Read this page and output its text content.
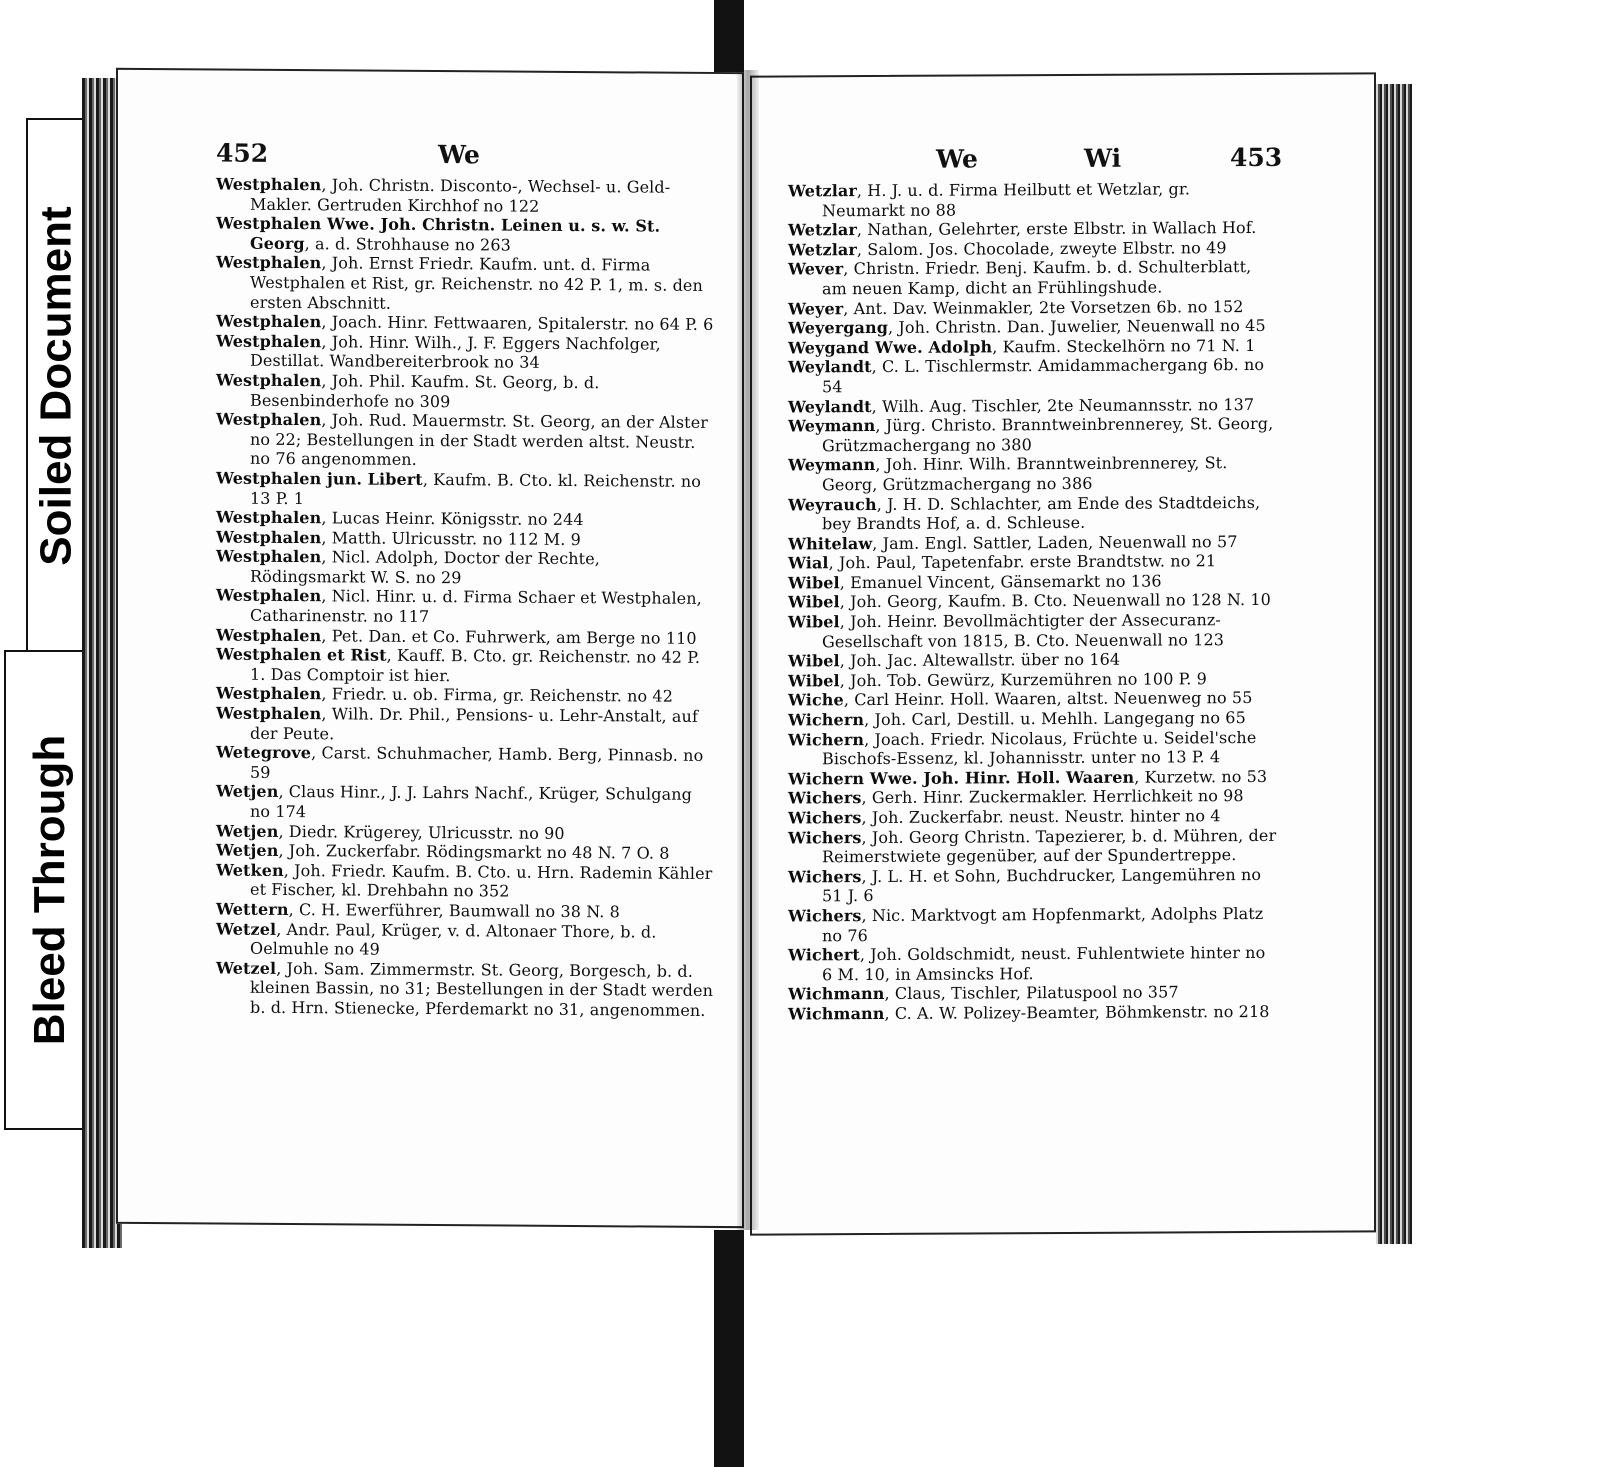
Soiled Document
Bleed Through
452	We
Westphalen, Joh. Christn. Disconto-, Wechsel- u. Geld-Makler. Gertruden Kirchhof no 122
Westphalen Wwe. Joh. Christn. Leinen u. s. w. St. Georg, a. d. Strohhause no 263
Westphalen, Joh. Ernst Friedr. Kaufm. unt. d. Firma Westphalen et Rist, gr. Reichenstr. no 42 P. 1, m. s. den ersten Abschnitt.
Westphalen, Joach. Hinr. Fettwaaren, Spitalerstr. no 64 P. 6
Westphalen, Joh. Hinr. Wilh., J. F. Eggers Nachfolger, Destillat. Wandbereiterbrook no 34
Westphalen, Joh. Phil. Kaufm. St. Georg, b. d. Besenbinderhofe no 309
Westphalen, Joh. Rud. Mauermstr. St. Georg, an der Alster no 22; Bestellungen in der Stadt werden altst. Neustr. no 76 angenommen.
Westphalen jun. Libert, Kaufm. B. Cto. kl. Reichenstr. no 13 P. 1
Westphalen, Lucas Heinr. Königsstr. no 244
Westphalen, Matth. Ulricusstr. no 112 M. 9
Westphalen, Nicl. Adolph, Doctor der Rechte, Rödingsmarkt W. S. no 29
Westphalen, Nicl. Hinr. u. d. Firma Schaer et Westphalen, Catharinenstr. no 117
Westphalen, Pet. Dan. et Co. Fuhrwerk, am Berge no 110
Westphalen et Rist, Kauff. B. Cto. gr. Reichenstr. no 42 P. 1. Das Comptoir ist hier.
Westphalen, Friedr. u. ob. Firma, gr. Reichenstr. no 42
Westphalen, Wilh. Dr. Phil., Pensions- u. Lehr-Anstalt, auf der Peute.
Wetegrove, Carst. Schuhmacher, Hamb. Berg, Pinnasb. no 59
Wetjen, Claus Hinr., J. J. Lahrs Nachf., Krüger, Schulgang no 174
Wetjen, Diedr. Krügerey, Ulricusstr. no 90
Wetjen, Joh. Zuckerfabr. Rödingsmarkt no 48 N. 7 O. 8
Wetken, Joh. Friedr. Kaufm. B. Cto. u. Hrn. Rademin Kähler et Fischer, kl. Drehbahn no 352
Wettern, C. H. Ewerführer, Baumwall no 38 N. 8
Wetzel, Andr. Paul, Krüger, v. d. Altonaer Thore, b. d. Oelmuhle no 49
Wetzel, Joh. Sam. Zimmermstr. St. Georg, Borgesch, b. d. kleinen Bassin, no 31; Bestellungen in der Stadt werden b. d. Hrn. Stienecke, Pferdemarkt no 31, angenommen.
We	Wi	453
Wetzlar, H. J. u. d. Firma Heilbutt et Wetzlar, gr. Neumarkt no 88
Wetzlar, Nathan, Gelehrter, erste Elbstr. in Wallach Hof.
Wetzlar, Salom. Jos. Chocolade, zweyte Elbstr. no 49
Wever, Christn. Friedr. Benj. Kaufm. b. d. Schulterblatt, am neuen Kamp, dicht an Frühlingshude.
Weyer, Ant. Dav. Weinmakler, 2te Vorsetzen 6b. no 152
Weyergang, Joh. Christn. Dan. Juwelier, Neuenwall no 45
Weygand Wwe. Adolph, Kaufm. Steckelhörn no 71 N. 1
Weylandt, C. L. Tischlermstr. Amidammachergang 6b. no 54
Weylandt, Wilh. Aug. Tischler, 2te Neumannsstr. no 137
Weymann, Jürg. Christo. Branntweinbrennerey, St. Georg, Grützmachergang no 380
Weymann, Joh. Hinr. Wilh. Branntweinbrennerey, St. Georg, Grützmachergang no 386
Weyrauch, J. H. D. Schlachter, am Ende des Stadtdeichs, bey Brandts Hof, a. d. Schleuse.
Whitelaw, Jam. Engl. Sattler, Laden, Neuenwall no 57
Wial, Joh. Paul, Tapetenfabr. erste Brandtstw. no 21
Wibel, Emanuel Vincent, Gänsemarkt no 136
Wibel, Joh. Georg, Kaufm. B. Cto. Neuenwall no 128 N. 10
Wibel, Joh. Heinr. Bevollmächtigter der Assecuranz-Gesellschaft von 1815, B. Cto. Neuenwall no 123
Wibel, Joh. Jac. Altewallstr. über no 164
Wibel, Joh. Tob. Gewürz, Kurzemühren no 100 P. 9
Wiche, Carl Heinr. Holl. Waaren, altst. Neuenweg no 55
Wichern, Joh. Carl, Destill. u. Mehlh. Langegang no 65
Wichern, Joach. Friedr. Nicolaus, Früchte u. Seidel'sche Bischofs-Essenz, kl. Johannisstr. unter no 13 P. 4
Wichern Wwe. Joh. Hinr. Holl. Waaren, Kurzetw. no 53
Wichers, Gerh. Hinr. Zuckermakler. Herrlichkeit no 98
Wichers, Joh. Zuckerfabr. neust. Neustr. hinter no 4
Wichers, Joh. Georg Christn. Tapezierer, b. d. Mühren, der Reimerstwiete gegenüber, auf der Spundertreppe.
Wichers, J. L. H. et Sohn, Buchdrucker, Langemühren no 51 J. 6
Wichers, Nic. Marktvogt am Hopfenmarkt, Adolphs Platz no 76
Wichert, Joh. Goldschmidt, neust. Fuhlentwiete hinter no 6 M. 10, in Amsincks Hof.
Wichmann, Claus, Tischler, Pilatuspool no 357
Wichmann, C. A. W. Polizey-Beamter, Böhmkenstr. no 218
